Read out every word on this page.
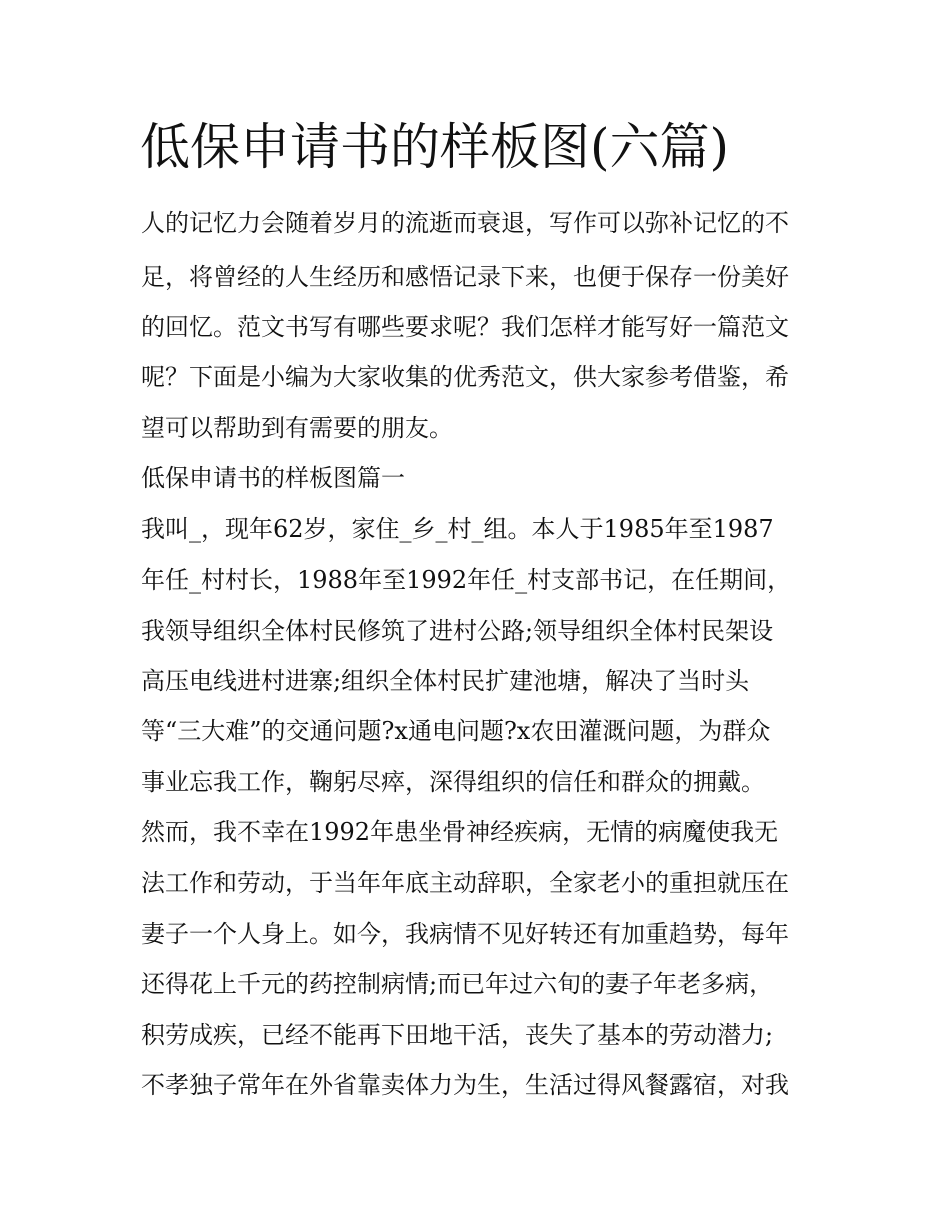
低保申请书的样板图(六篇)

人的记忆力会随着岁月的流逝而衰退，写作可以弥补记忆的不

足，将曾经的人生经历和感悟记录下来，也便于保存一份美好

的回忆。范文书写有哪些要求呢？我们怎样才能写好一篇范文

呢？下面是小编为大家收集的优秀范文，供大家参考借鉴，希

望可以帮助到有需要的朋友。

低保申请书的样板图篇一

我叫_，现年62岁，家住_乡_村_组。本人于1985年至1987

年任_村村长，1988年至1992年任_村支部书记，在任期间，

我领导组织全体村民修筑了进村公路;领导组织全体村民架设

高压电线进村进寨;组织全体村民扩建池塘，解决了当时头

等“三大难”的交通问题?x通电问题?x农田灌溉问题，为群众

事业忘我工作，鞠躬尽瘁，深得组织的信任和群众的拥戴。

然而，我不幸在1992年患坐骨神经疾病，无情的病魔使我无

法工作和劳动，于当年年底主动辞职，全家老小的重担就压在

妻子一个人身上。如今，我病情不见好转还有加重趋势，每年

还得花上千元的药控制病情;而已年过六旬的妻子年老多病，

积劳成疾，已经不能再下田地干活，丧失了基本的劳动潜力;

不孝独子常年在外省靠卖体力为生，生活过得风餐露宿，对我
